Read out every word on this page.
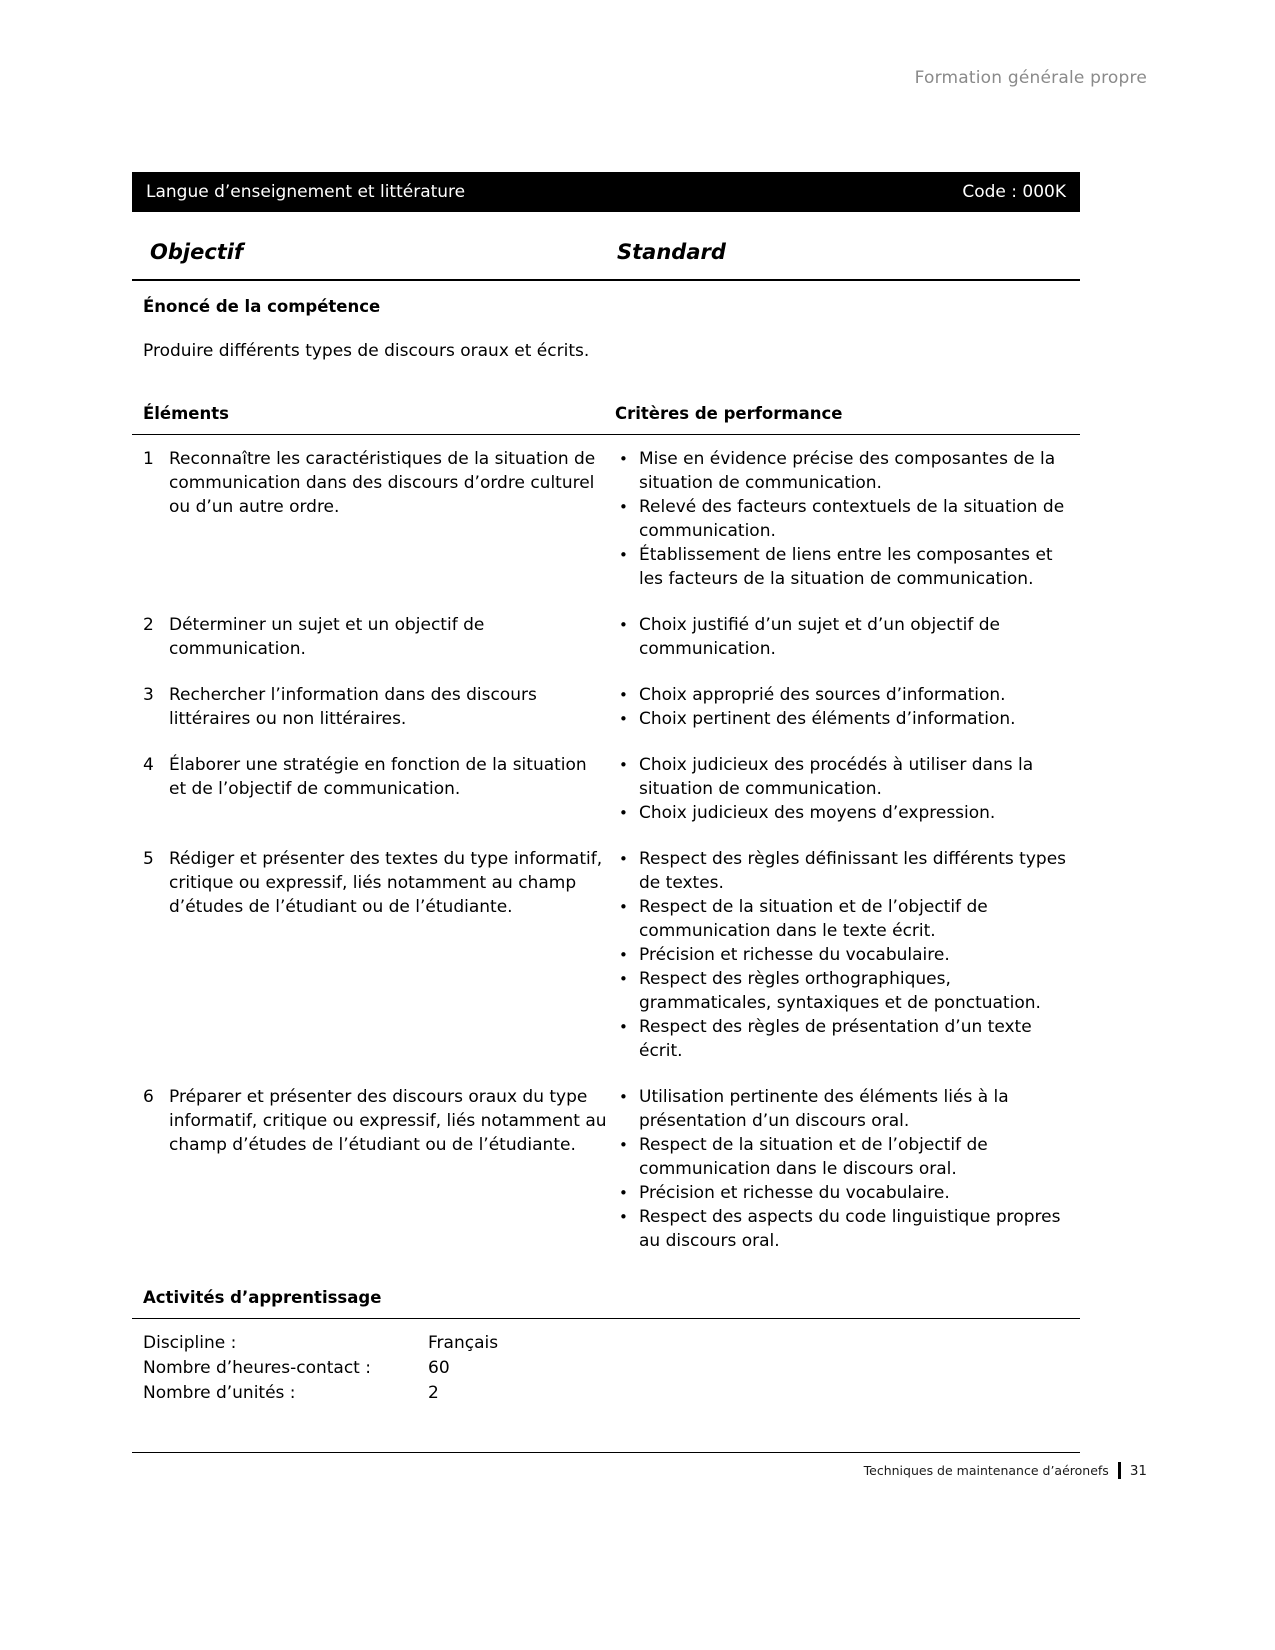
Formation générale propre
Langue d’enseignement et littérature	Code : 000K
Objectif	Standard
Énoncé de la compétence
Produire différents types de discours oraux et écrits.
Éléments	Critères de performance
1 Reconnaître les caractéristiques de la situation de communication dans des discours d’ordre culturel ou d’un autre ordre.
• Mise en évidence précise des composantes de la situation de communication.
• Relevé des facteurs contextuels de la situation de communication.
• Établissement de liens entre les composantes et les facteurs de la situation de communication.
2 Déterminer un sujet et un objectif de communication.
• Choix justifié d’un sujet et d’un objectif de communication.
3 Rechercher l’information dans des discours littéraires ou non littéraires.
• Choix approprié des sources d’information.
• Choix pertinent des éléments d’information.
4 Élaborer une stratégie en fonction de la situation et de l’objectif de communication.
• Choix judicieux des procédés à utiliser dans la situation de communication.
• Choix judicieux des moyens d’expression.
5 Rédiger et présenter des textes du type informatif, critique ou expressif, liés notamment au champ d’études de l’étudiant ou de l’étudiante.
• Respect des règles définissant les différents types de textes.
• Respect de la situation et de l’objectif de communication dans le texte écrit.
• Précision et richesse du vocabulaire.
• Respect des règles orthographiques, grammaticales, syntaxiques et de ponctuation.
• Respect des règles de présentation d’un texte écrit.
6 Préparer et présenter des discours oraux du type informatif, critique ou expressif, liés notamment au champ d’études de l’étudiant ou de l’étudiante.
• Utilisation pertinente des éléments liés à la présentation d’un discours oral.
• Respect de la situation et de l’objectif de communication dans le discours oral.
• Précision et richesse du vocabulaire.
• Respect des aspects du code linguistique propres au discours oral.
Activités d’apprentissage
Discipline :	Français
Nombre d’heures-contact :	60
Nombre d’unités :	2
Techniques de maintenance d’aéronefs 31
